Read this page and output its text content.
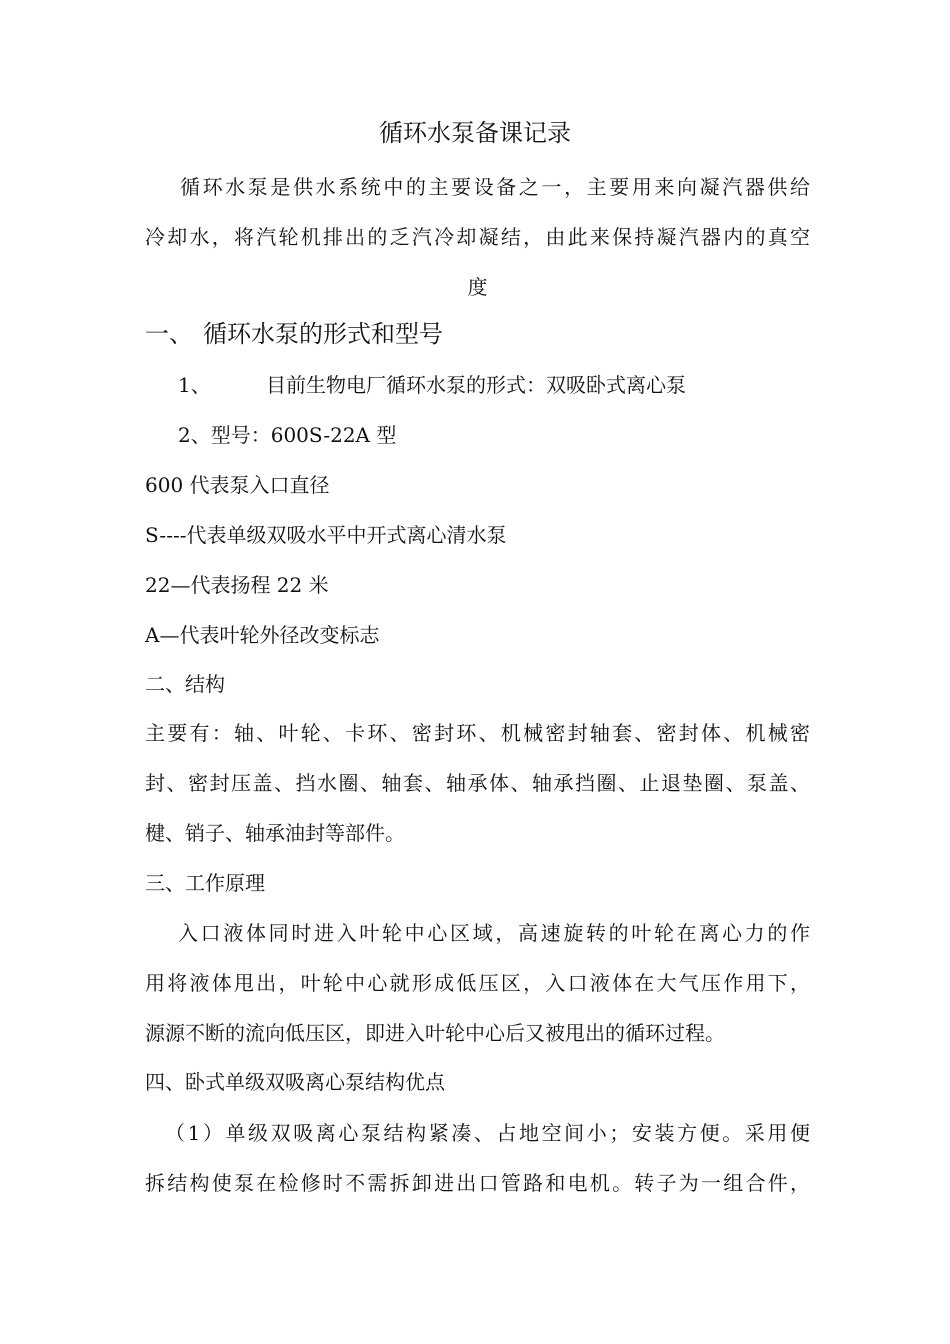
循环水泵备课记录
循环水泵是供水系统中的主要设备之一，主要用来向凝汽器供给
冷却水，将汽轮机排出的乏汽冷却凝结，由此来保持凝汽器内的真空
度
一、 循环水泵的形式和型号
1、	目前生物电厂循环水泵的形式：双吸卧式离心泵
2、型号：600S-22A 型
600 代表泵入口直径
S----代表单级双吸水平中开式离心清水泵
22—代表扬程 22 米
A—代表叶轮外径改变标志
二、结构
主要有：轴、叶轮、卡环、密封环、机械密封轴套、密封体、机械密
封、密封压盖、挡水圈、轴套、轴承体、轴承挡圈、止退垫圈、泵盖、
楗、销子、轴承油封等部件。
三、工作原理
入口液体同时进入叶轮中心区域，高速旋转的叶轮在离心力的作
用将液体甩出，叶轮中心就形成低压区，入口液体在大气压作用下，
源源不断的流向低压区，即进入叶轮中心后又被甩出的循环过程。
四、卧式单级双吸离心泵结构优点
（1）单级双吸离心泵结构紧凑、占地空间小；安装方便。采用便
拆结构使泵在检修时不需拆卸进出口管路和电机。转子为一组合件，
